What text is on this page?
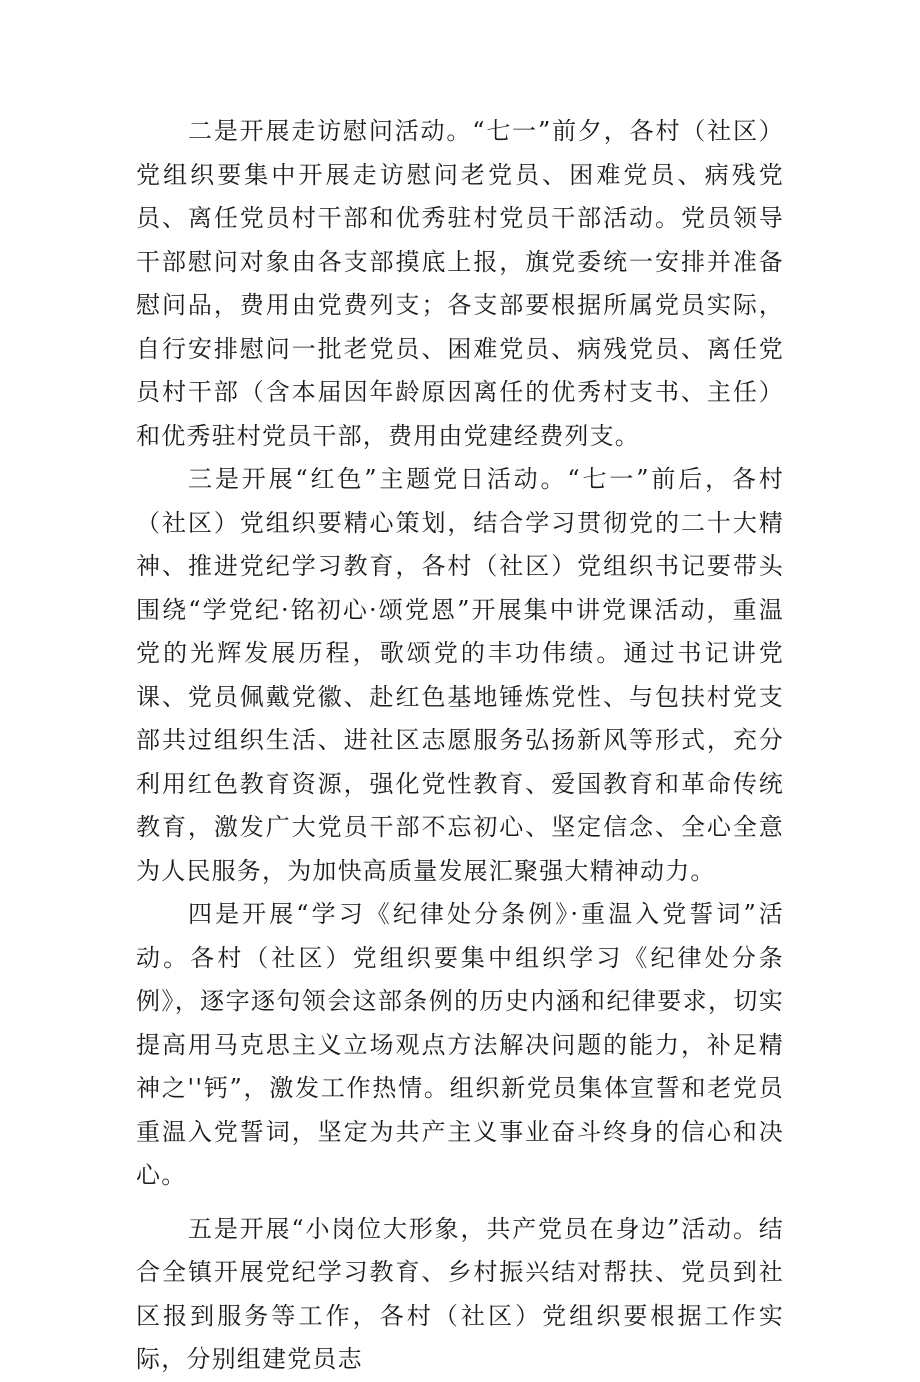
二是开展走访慰问活动。“七一”前夕，各村（社区）党组织要集中开展走访慰问老党员、困难党员、病残党员、离任党员村干部和优秀驻村党员干部活动。党员领导干部慰问对象由各支部摸底上报，旗党委统一安排并准备慰问品，费用由党费列支；各支部要根据所属党员实际，自行安排慰问一批老党员、困难党员、病残党员、离任党员村干部（含本届因年龄原因离任的优秀村支书、主任）和优秀驻村党员干部，费用由党建经费列支。

三是开展“红色”主题党日活动。“七一”前后，各村（社区）党组织要精心策划，结合学习贯彻党的二十大精神、推进党纪学习教育，各村（社区）党组织书记要带头围绕“学党纪·铭初心·颂党恩”开展集中讲党课活动，重温党的光辉发展历程，歌颂党的丰功伟绩。通过书记讲党课、党员佩戴党徽、赴红色基地锤炼党性、与包扶村党支部共过组织生活、进社区志愿服务弘扬新风等形式，充分利用红色教育资源，强化党性教育、爱国教育和革命传统教育，激发广大党员干部不忘初心、坚定信念、全心全意为人民服务，为加快高质量发展汇聚强大精神动力。

四是开展“学习《纪律处分条例》·重温入党誓词”活动。各村（社区）党组织要集中组织学习《纪律处分条例》，逐字逐句领会这部条例的历史内涵和纪律要求，切实提高用马克思主义立场观点方法解决问题的能力，补足精神之''钙”，激发工作热情。组织新党员集体宣誓和老党员重温入党誓词，坚定为共产主义事业奋斗终身的信心和决心。

五是开展“小岗位大形象，共产党员在身边”活动。结合全镇开展党纪学习教育、乡村振兴结对帮扶、党员到社区报到服务等工作，各村（社区）党组织要根据工作实际，分别组建党员志
